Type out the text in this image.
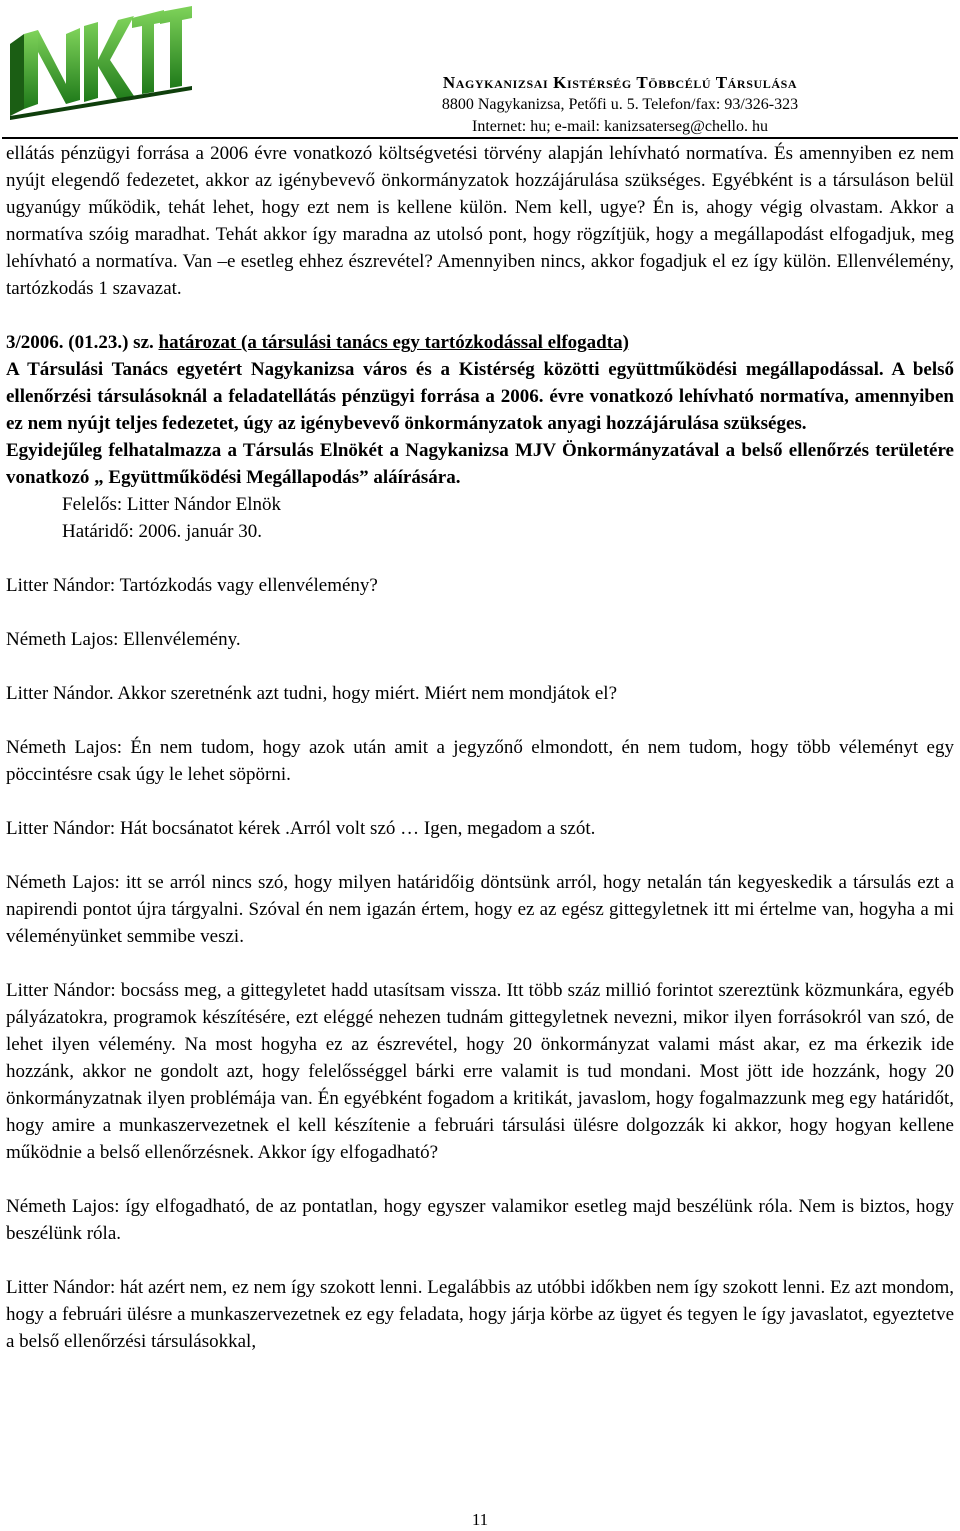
Nagykanizsai Kistérség Többcélú Társulása
8800 Nagykanizsa, Petőfi u. 5. Telefon/fax: 93/326-323
Internet: hu; e-mail: kanizsaterseg@chello. hu

ellátás pénzügyi forrása a 2006 évre vonatkozó költségvetési törvény alapján lehívható normatíva. És amennyiben ez nem nyújt elegendő fedezetet, akkor az igénybevevő önkormányzatok hozzájárulása szükséges. Egyébként is a társuláson belül ugyanúgy működik, tehát lehet, hogy ezt nem is kellene külön. Nem kell, ugye? Én is, ahogy végig olvastam. Akkor a normatíva szóig maradhat. Tehát akkor így maradna az utolsó pont, hogy rögzítjük, hogy a megállapodást elfogadjuk, meg lehívható a normatíva. Van –e esetleg ehhez észrevétel? Amennyiben nincs, akkor fogadjuk el ez így külön. Ellenvélemény, tartózkodás 1 szavazat.

3/2006. (01.23.) sz. határozat (a társulási tanács egy tartózkodással elfogadta)

A Társulási Tanács egyetért Nagykanizsa város és a Kistérség közötti együttműködési megállapodással. A belső ellenőrzési társulásoknál a feladatellátás pénzügyi forrása a 2006. évre vonatkozó lehívható normatíva, amennyiben ez nem nyújt teljes fedezetet, úgy az igénybevevő önkormányzatok anyagi hozzájárulása szükséges.

Egyidejűleg felhatalmazza a Társulás Elnökét a Nagykanizsa MJV Önkormányzatával a belső ellenőrzés területére vonatkozó „ Együttműködési Megállapodás” aláírására.

Felelős: Litter Nándor Elnök

Határidő: 2006. január 30.

Litter Nándor: Tartózkodás vagy ellenvélemény?

Németh Lajos: Ellenvélemény.

Litter Nándor. Akkor szeretnénk azt tudni, hogy miért. Miért nem mondjátok el?

Németh Lajos: Én nem tudom, hogy azok után amit a jegyzőnő elmondott, én nem tudom, hogy több véleményt egy pöccintésre csak úgy le lehet söpörni.

Litter Nándor: Hát bocsánatot kérek .Arról volt szó … Igen, megadom a szót.

Németh Lajos: itt se arról nincs szó, hogy milyen határidőig döntsünk arról, hogy netalán tán kegyeskedik a társulás ezt a napirendi pontot újra tárgyalni. Szóval én nem igazán értem, hogy ez az egész gittegyletnek itt mi értelme van, hogyha a mi véleményünket semmibe veszi.

Litter Nándor: bocsáss meg, a gittegyletet hadd utasítsam vissza. Itt több száz millió forintot szereztünk közmunkára, egyéb pályázatokra, programok készítésére, ezt eléggé nehezen tudnám gittegyletnek nevezni, mikor ilyen forrásokról van szó, de lehet ilyen vélemény. Na most hogyha ez az észrevétel, hogy 20 önkormányzat valami mást akar, ez ma érkezik ide hozzánk, akkor ne gondolt azt, hogy felelősséggel bárki erre valamit is tud mondani. Most jött ide hozzánk, hogy 20 önkormányzatnak ilyen problémája van. Én egyébként fogadom a kritikát, javaslom, hogy fogalmazzunk meg egy határidőt, hogy amire a munkaszervezetnek el kell készítenie a februári társulási ülésre dolgozzák ki akkor, hogy hogyan kellene működnie a belső ellenőrzésnek. Akkor így elfogadható?

Németh Lajos: így elfogadható, de az pontatlan, hogy egyszer valamikor esetleg majd beszélünk róla. Nem is biztos, hogy beszélünk róla.

Litter Nándor: hát azért nem, ez nem így szokott lenni. Legalábbis az utóbbi időkben nem így szokott lenni. Ez azt mondom, hogy a februári ülésre a munkaszervezetnek ez egy feladata, hogy járja körbe az ügyet és tegyen le így javaslatot, egyeztetve a belső ellenőrzési társulásokkal,

11
